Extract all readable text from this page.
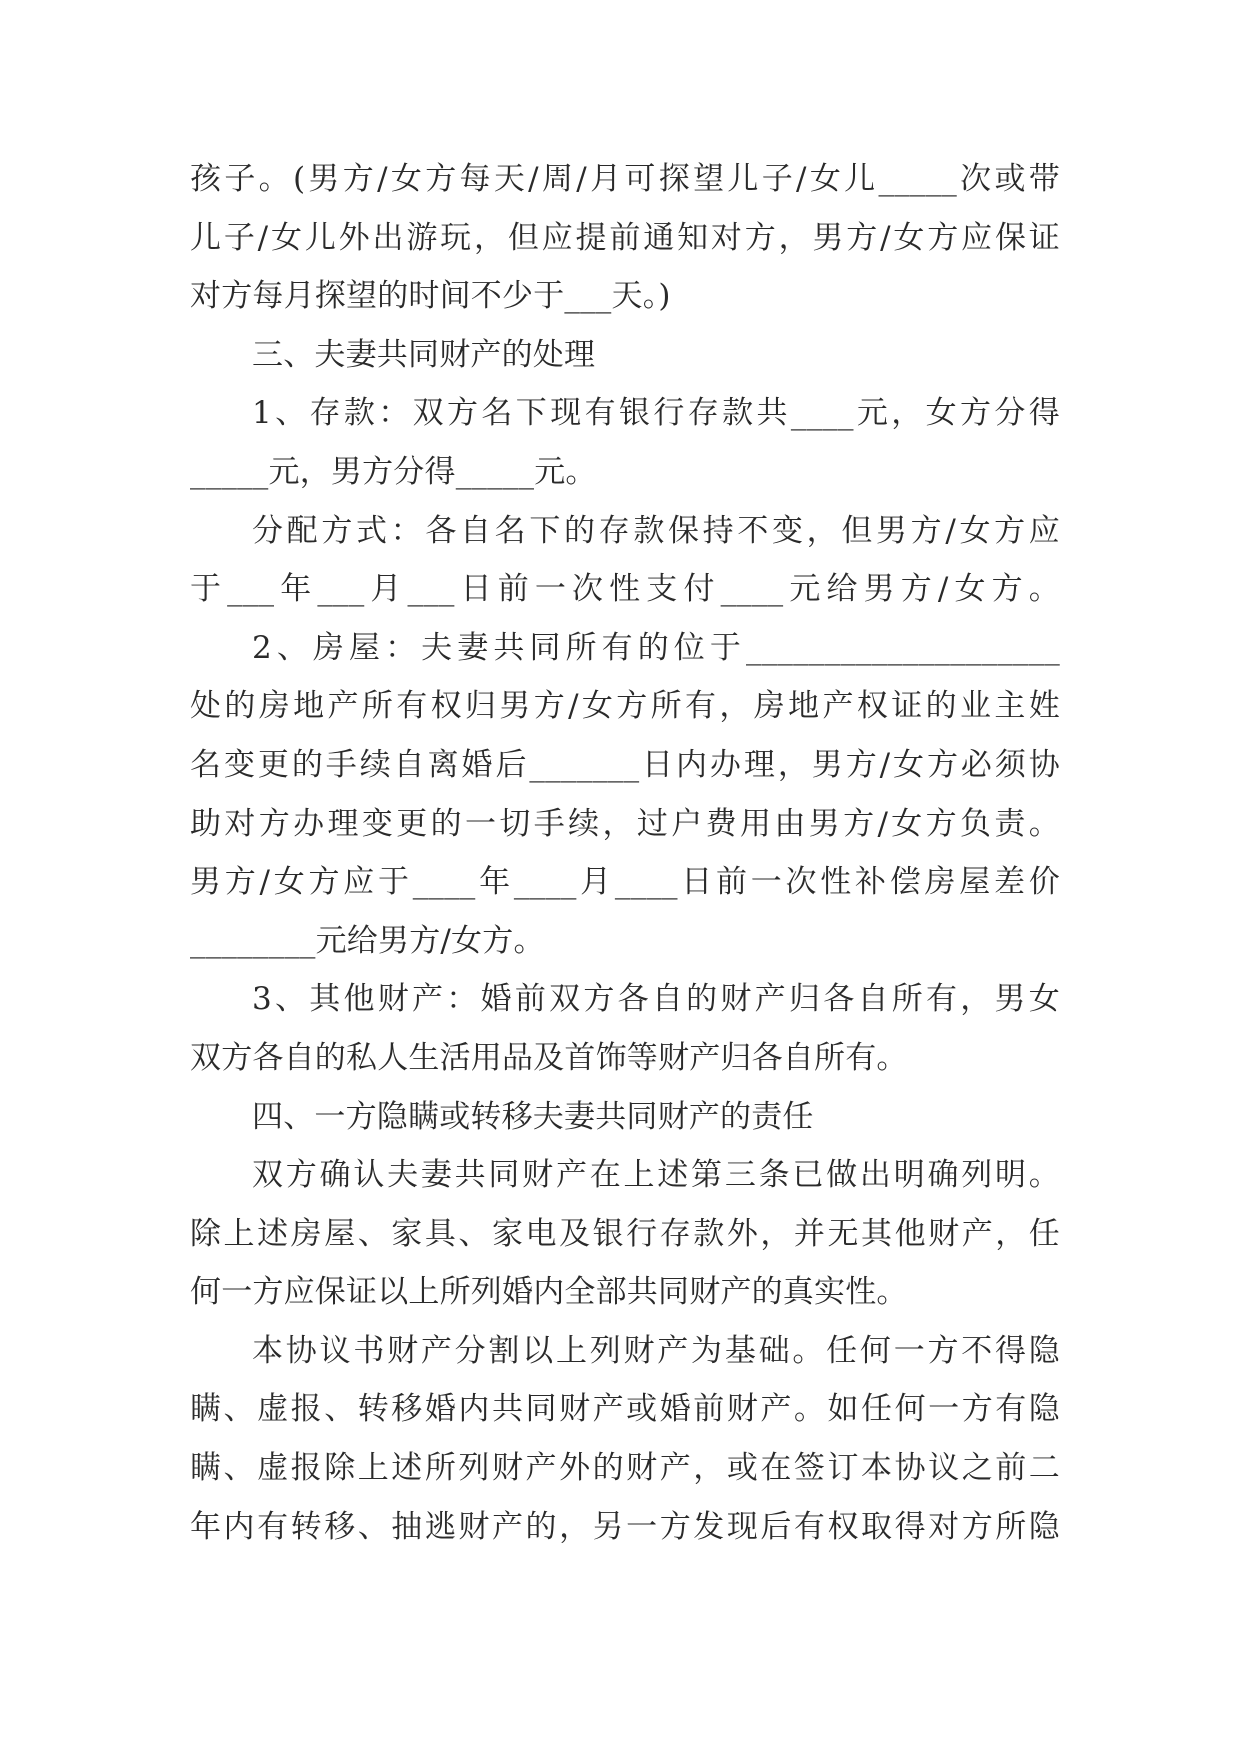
孩子。(男方/女方每天/周/月可探望儿子/女儿_____次或带
儿子/女儿外出游玩，但应提前通知对方，男方/女方应保证
对方每月探望的时间不少于___天。)
三、夫妻共同财产的处理
1、存款：双方名下现有银行存款共____元，女方分得
_____元，男方分得_____元。
分配方式：各自名下的存款保持不变，但男方/女方应
于___年___月___日前一次性支付____元给男方/女方。
2、房屋：夫妻共同所有的位于____________________
处的房地产所有权归男方/女方所有，房地产权证的业主姓
名变更的手续自离婚后_______日内办理，男方/女方必须协
助对方办理变更的一切手续，过户费用由男方/女方负责。
男方/女方应于____年____月____日前一次性补偿房屋差价
________元给男方/女方。
3、其他财产：婚前双方各自的财产归各自所有，男女
双方各自的私人生活用品及首饰等财产归各自所有。
四、一方隐瞒或转移夫妻共同财产的责任
双方确认夫妻共同财产在上述第三条已做出明确列明。
除上述房屋、家具、家电及银行存款外，并无其他财产，任
何一方应保证以上所列婚内全部共同财产的真实性。
本协议书财产分割以上列财产为基础。任何一方不得隐
瞒、虚报、转移婚内共同财产或婚前财产。如任何一方有隐
瞒、虚报除上述所列财产外的财产，或在签订本协议之前二
年内有转移、抽逃财产的，另一方发现后有权取得对方所隐
